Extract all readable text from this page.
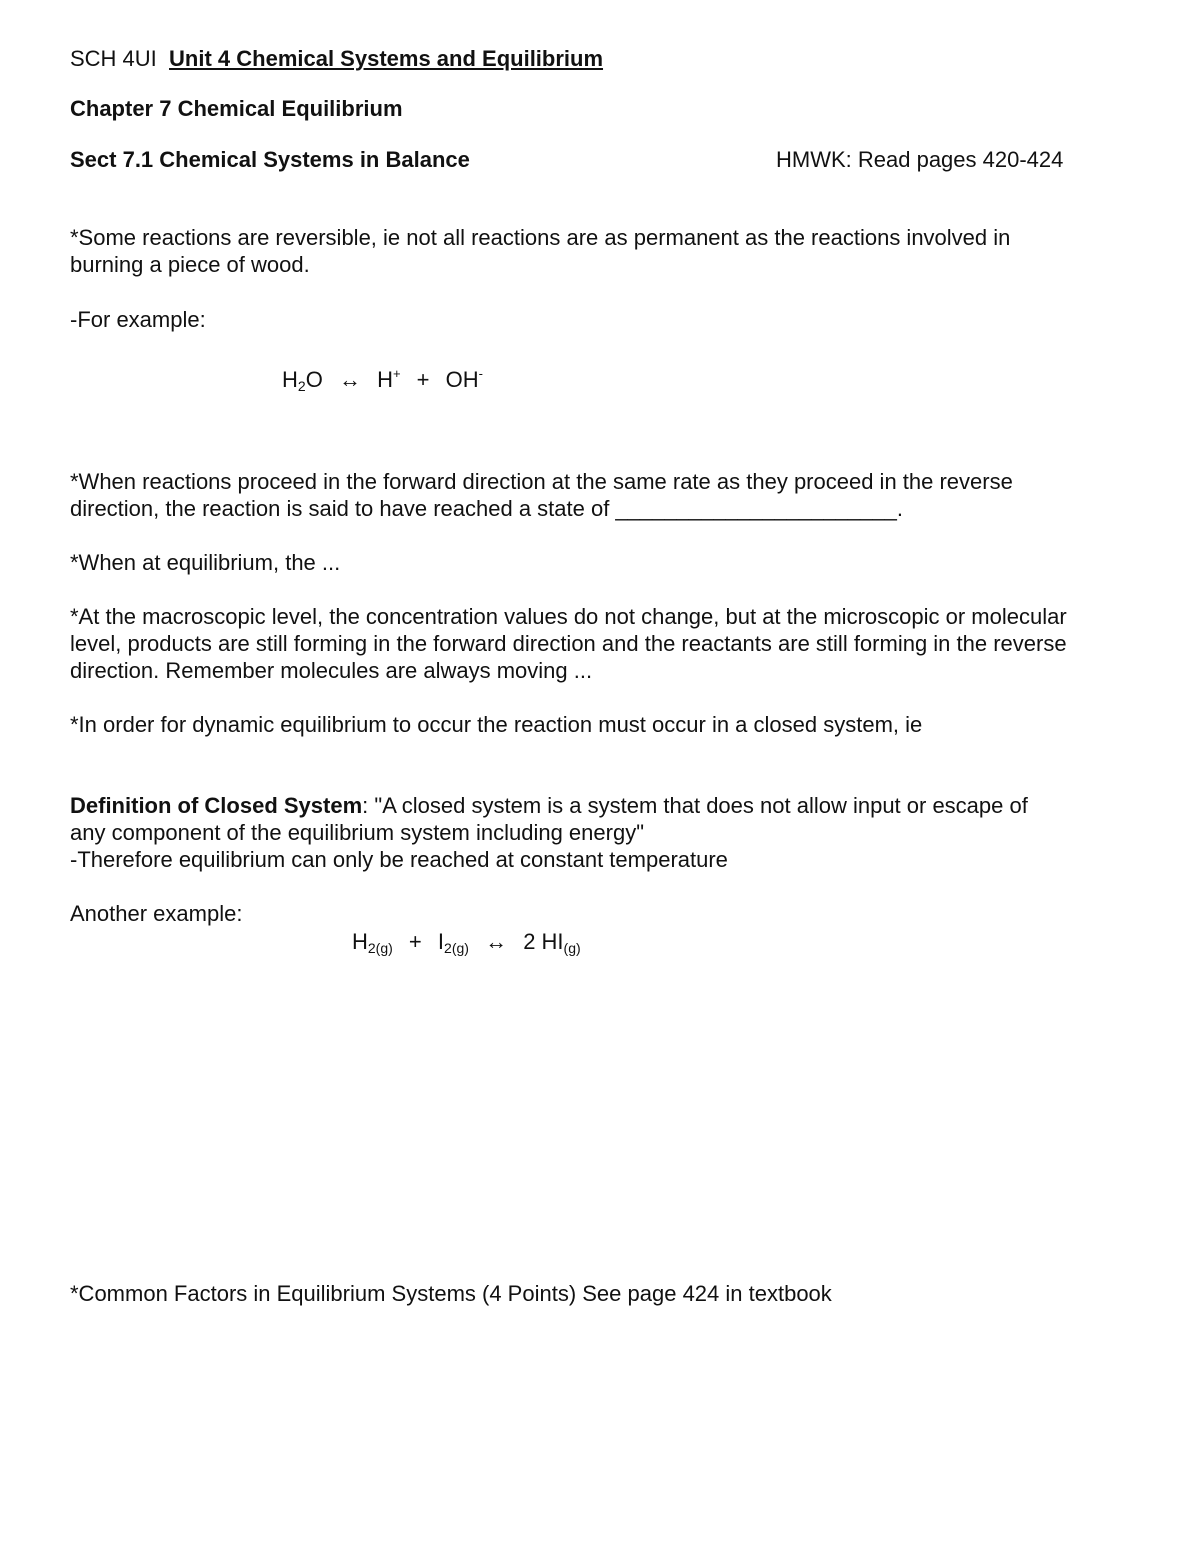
SCH 4UI Unit 4 Chemical Systems and Equilibrium

Chapter 7 Chemical Equilibrium

Sect 7.1 Chemical Systems in Balance	HMWK: Read pages 420-424

*Some reactions are reversible, ie not all reactions are as permanent as the reactions involved in

burning a piece of wood.

-For example:

$H_2O$ ↔ H+ + OH-

*When reactions proceed in the forward direction at the same rate as they proceed in the reverse

direction, the reaction is said to have reached a state of _______________________.

*When at equilibrium, the ...

*At the macroscopic level, the concentration values do not change, but at the microscopic or molecular

level, products are still forming in the forward direction and the reactants are still forming in the reverse

direction. Remember molecules are always moving ...

*In order for dynamic equilibrium to occur the reaction must occur in a closed system, ie

Definition of Closed System: "A closed system is a system that does not allow input or escape of

any component of the equilibrium system including energy"

-Therefore equilibrium can only be reached at constant temperature

Another example:

$H_{2(g)} + I_{2(g)}$ ↔ 2 $HI_{(g)}$

*Common Factors in Equilibrium Systems (4 Points) See page 424 in textbook
